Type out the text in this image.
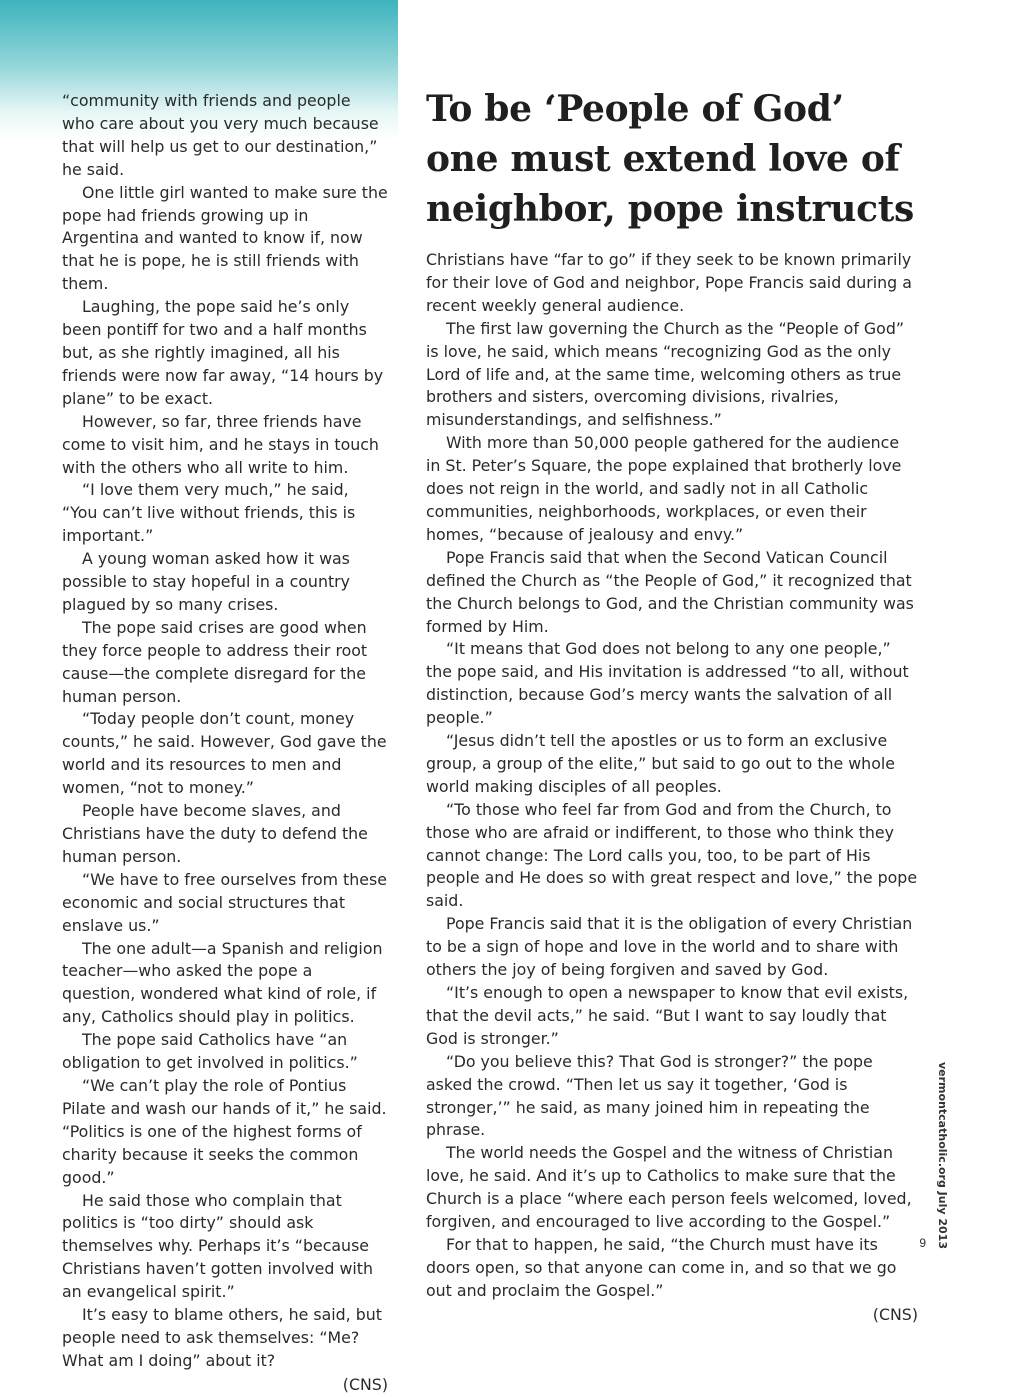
“community with friends and people who care about you very much because that will help us get to our destination,” he said.

One little girl wanted to make sure the pope had friends growing up in Argentina and wanted to know if, now that he is pope, he is still friends with them.

Laughing, the pope said he’s only been pontiff for two and a half months but, as she rightly imagined, all his friends were now far away, “14 hours by plane” to be exact.

However, so far, three friends have come to visit him, and he stays in touch with the others who all write to him.

“I love them very much,” he said, “You can’t live without friends, this is important.”

A young woman asked how it was possible to stay hopeful in a country plagued by so many crises.

The pope said crises are good when they force people to address their root cause—the complete disregard for the human person.

“Today people don’t count, money counts,” he said. However, God gave the world and its resources to men and women, “not to money.”

People have become slaves, and Christians have the duty to defend the human person.

“We have to free ourselves from these economic and social structures that enslave us.”

The one adult—a Spanish and religion teacher—who asked the pope a question, wondered what kind of role, if any, Catholics should play in politics.

The pope said Catholics have “an obligation to get involved in politics.”

“We can’t play the role of Pontius Pilate and wash our hands of it,” he said. “Politics is one of the highest forms of charity because it seeks the common good.”

He said those who complain that politics is “too dirty” should ask themselves why. Perhaps it’s “because Christians haven’t gotten involved with an evangelical spirit.”

It’s easy to blame others, he said, but people need to ask themselves: “Me? What am I doing” about it?

(CNS)
To be ‘People of God’ one must extend love of neighbor, pope instructs

Christians have “far to go” if they seek to be known primarily for their love of God and neighbor, Pope Francis said during a recent weekly general audience.

The first law governing the Church as the “People of God” is love, he said, which means “recognizing God as the only Lord of life and, at the same time, welcoming others as true brothers and sisters, overcoming divisions, rivalries, misunderstandings, and selfishness.”

With more than 50,000 people gathered for the audience in St. Peter’s Square, the pope explained that brotherly love does not reign in the world, and sadly not in all Catholic communities, neighborhoods, workplaces, or even their homes, “because of jealousy and envy.”

Pope Francis said that when the Second Vatican Council defined the Church as “the People of God,” it recognized that the Church belongs to God, and the Christian community was formed by Him.

“It means that God does not belong to any one people,” the pope said, and His invitation is addressed “to all, without distinction, because God’s mercy wants the salvation of all people.”

“Jesus didn’t tell the apostles or us to form an exclusive group, a group of the elite,” but said to go out to the whole world making disciples of all peoples.

“To those who feel far from God and from the Church, to those who are afraid or indifferent, to those who think they cannot change: The Lord calls you, too, to be part of His people and He does so with great respect and love,” the pope said.

Pope Francis said that it is the obligation of every Christian to be a sign of hope and love in the world and to share with others the joy of being forgiven and saved by God.

“It’s enough to open a newspaper to know that evil exists, that the devil acts,” he said. “But I want to say loudly that God is stronger.”

“Do you believe this? That God is stronger?” the pope asked the crowd. “Then let us say it together, ‘God is stronger,’” he said, as many joined him in repeating the phrase.

The world needs the Gospel and the witness of Christian love, he said. And it’s up to Catholics to make sure that the Church is a place “where each person feels welcomed, loved, forgiven, and encouraged to live according to the Gospel.”

For that to happen, he said, “the Church must have its doors open, so that anyone can come in, and so that we go out and proclaim the Gospel.”

(CNS)
vermontcatholic.org July 2013
9
